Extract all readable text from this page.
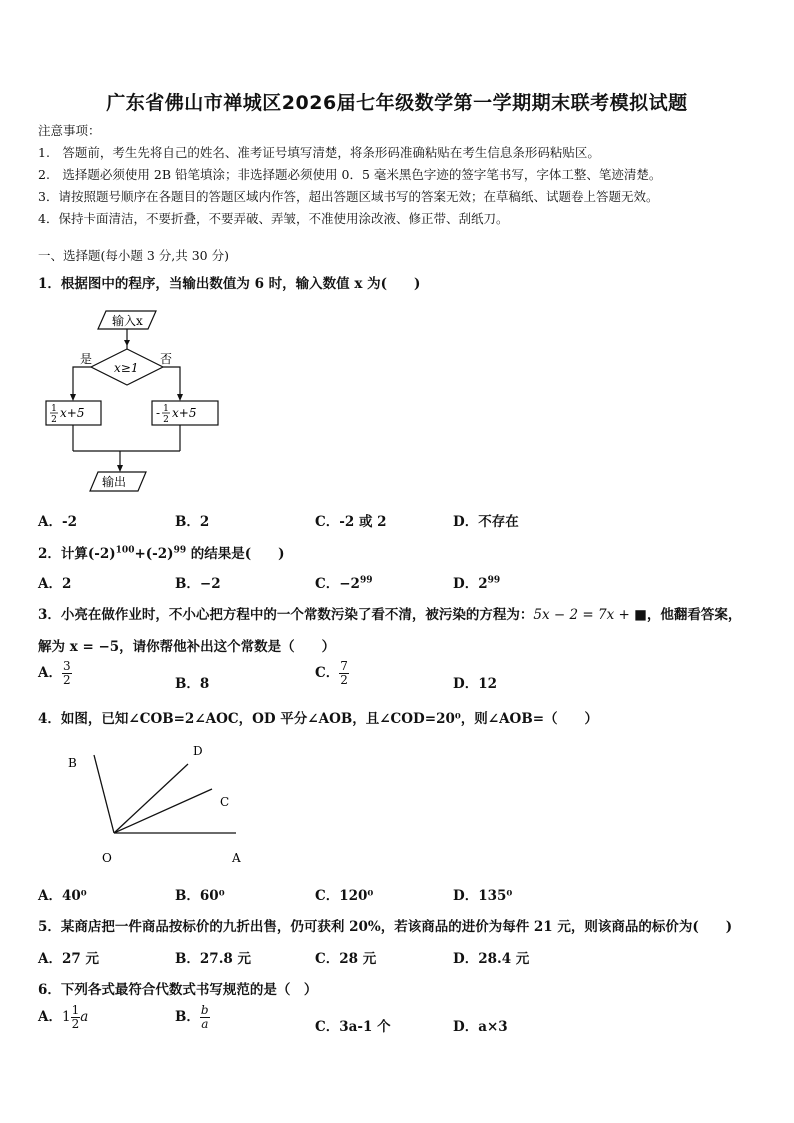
广东省佛山市禅城区2026届七年级数学第一学期期末联考模拟试题
注意事项：
1.　答题前，考生先将自己的姓名、准考证号填写清楚，将条形码准确粘贴在考生信息条形码粘贴区。
2.　选择题必须使用 2B 铅笔填涂；非选择题必须使用 0．5 毫米黑色字迹的签字笔书写，字体工整、笔迹清楚。
3．请按照题号顺序在各题目的答题区域内作答，超出答题区域书写的答案无效；在草稿纸、试题卷上答题无效。
4．保持卡面清洁，不要折叠，不要弄破、弄皱，不准使用涂改液、修正带、刮纸刀。
一、选择题(每小题 3 分,共 30 分)
1．根据图中的程序，当输出数值为 6 时，输入数值 x 为(　　)
输入x
x≥1
是	否
1
2 x+5	- 1
2 x+5
输出
A．-2	B．2	C．-2 或 2	D．不存在
2．计算$(-2)^{100}+(-2)^{99}$ 的结果是(　　)
A．2	B．−2	C．$-2^{99}$	D．$2^{99}$
3．小亮在做作业时，不小心把方程中的一个常数污染了看不清，被污染的方程为：5x − 2 = 7x + ■，他翻看答案，
解为 x = −5，请你帮他补出这个常数是（　　）
A． $\frac{3}{2}$	B．8
C． $\frac{7}{2}$	D．12
4．如图，已知∠COB=2∠AOC，OD 平分∠AOB，且∠COD=20⁰，则∠AOB=（　　）
B
D
C
O	A
A．40⁰	B．60⁰	C．120⁰	D．135⁰
5．某商店把一件商品按标价的九折出售，仍可获利 20%，若该商品的进价为每件 21 元，则该商品的标价为(　　)
A．27 元	B．27.8 元	C．28 元	D．28.4 元
6．下列各式最符合代数式书写规范的是（　）
A．$1 \frac{1}{2}$ a	B． $\frac{b}{a}$	C．3a-1 个	D．a×3
